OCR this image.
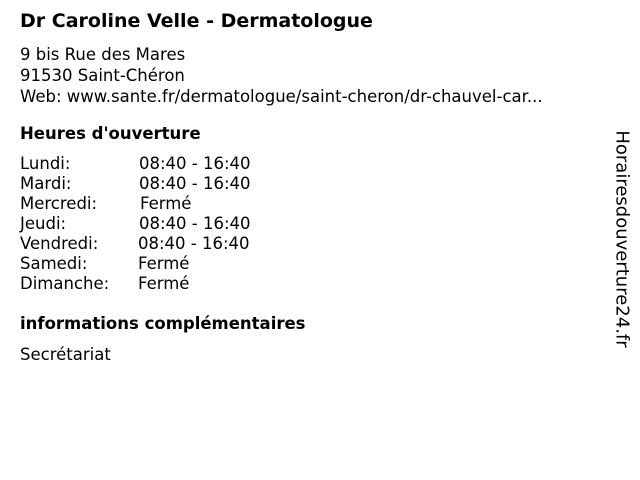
Dr Caroline Velle - Dermatologue
9 bis Rue des Mares
91530 Saint-Chéron
Web: www.sante.fr/dermatologue/saint-cheron/dr-chauvel-car...
Heures d'ouverture
Lundi:	08:40 - 16:40
Mardi:	08:40 - 16:40
Mercredi:	Fermé
Jeudi:	08:40 - 16:40
Vendredi: 08:40 - 16:40
Samedi:	Fermé
Dimanche: Fermé
informations complémentaires
Secrétariat
Horairesdouverture24.fr
